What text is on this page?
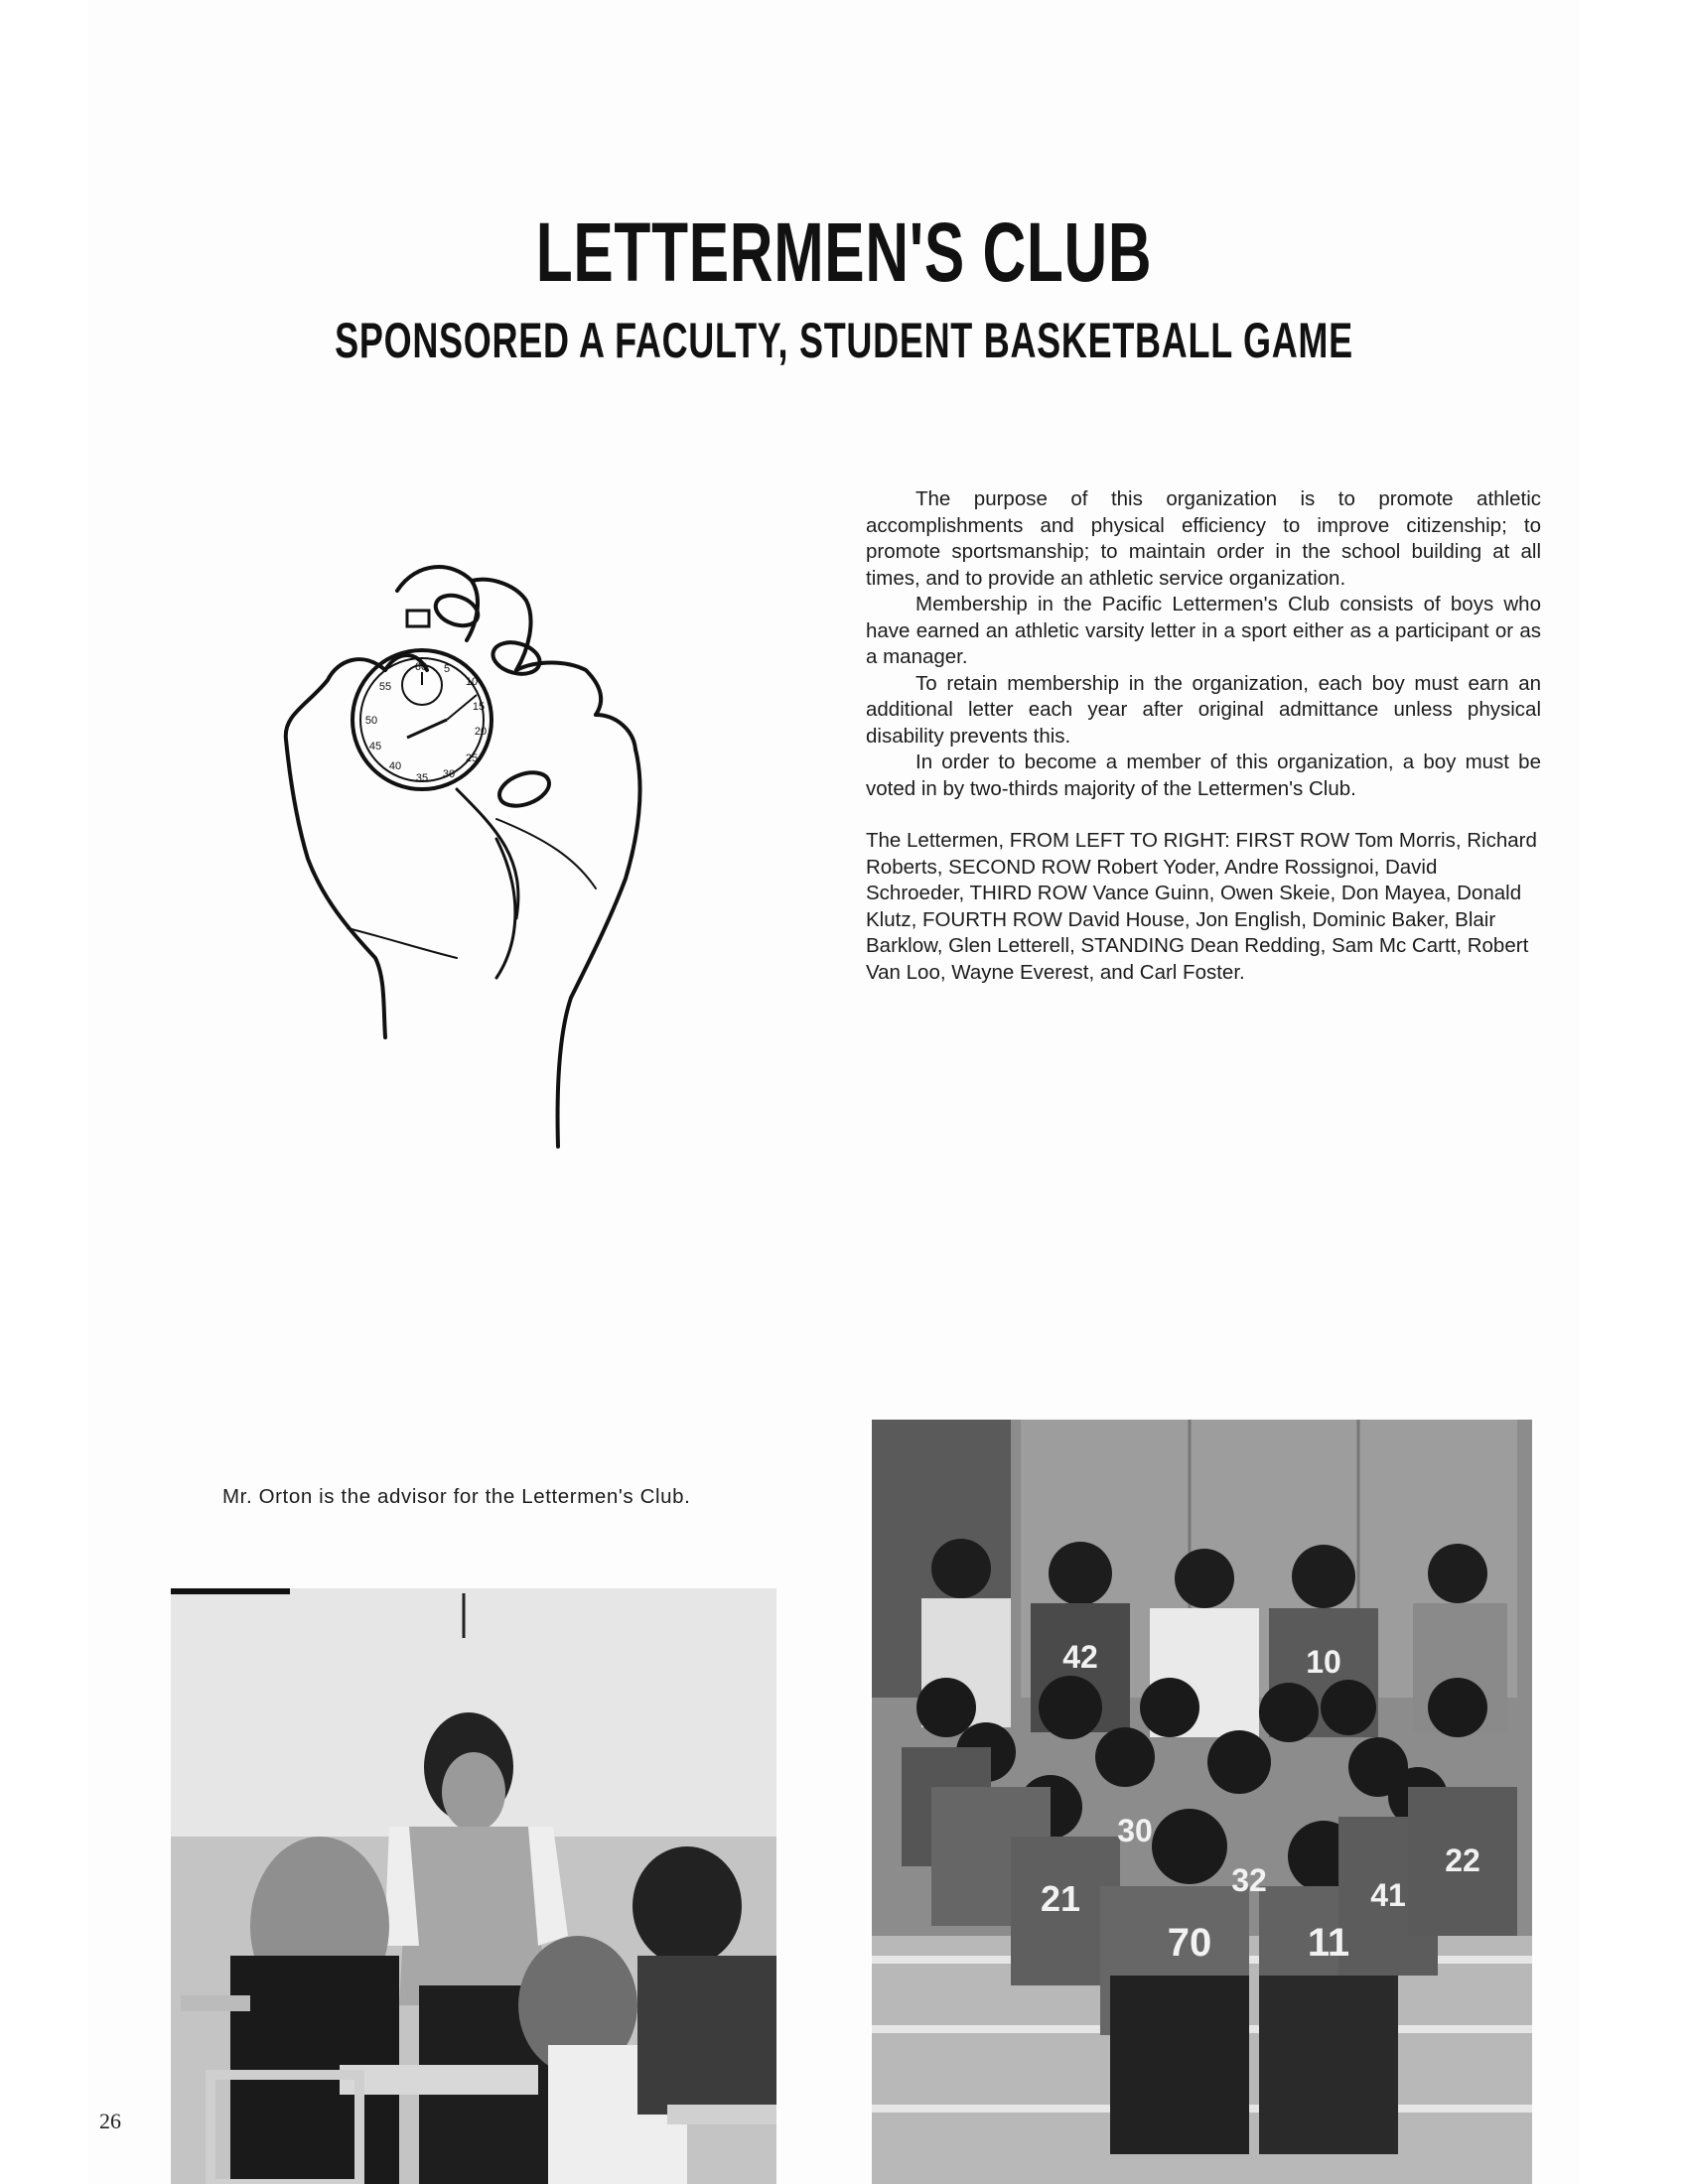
LETTERMEN'S CLUB
SPONSORED A FACULTY, STUDENT BASKETBALL GAME
60 5
10
15
20
25
30
35
40
45
50
55

The purpose of this organization is to promote athletic accomplishments and physical efficiency to improve citizenship; to promote sportsmanship; to maintain order in the school building at all times, and to provide an athletic service organization.

Membership in the Pacific Lettermen's Club consists of boys who have earned an athletic varsity letter in a sport either as a participant or as a manager.

To retain membership in the organization, each boy must earn an additional letter each year after original admittance unless physical disability prevents this.

In order to become a member of this organization, a boy must be voted in by two-thirds majority of the Lettermen's Club.

The Lettermen, FROM LEFT TO RIGHT: FIRST ROW Tom Morris, Richard Roberts, SECOND ROW Robert Yoder, Andre Rossignoi, David Schroeder, THIRD ROW Vance Guinn, Owen Skeie, Don Mayea, Donald Klutz, FOURTH ROW David House, Jon English, Dominic Baker, Blair Barklow, Glen Letterell, STANDING Dean Redding, Sam Mc Cartt, Robert Van Loo, Wayne Everest, and Carl Foster.

Mr. Orton is the advisor for the Lettermen's Club.
42	10
30
21
70 11
32	41
22
26
